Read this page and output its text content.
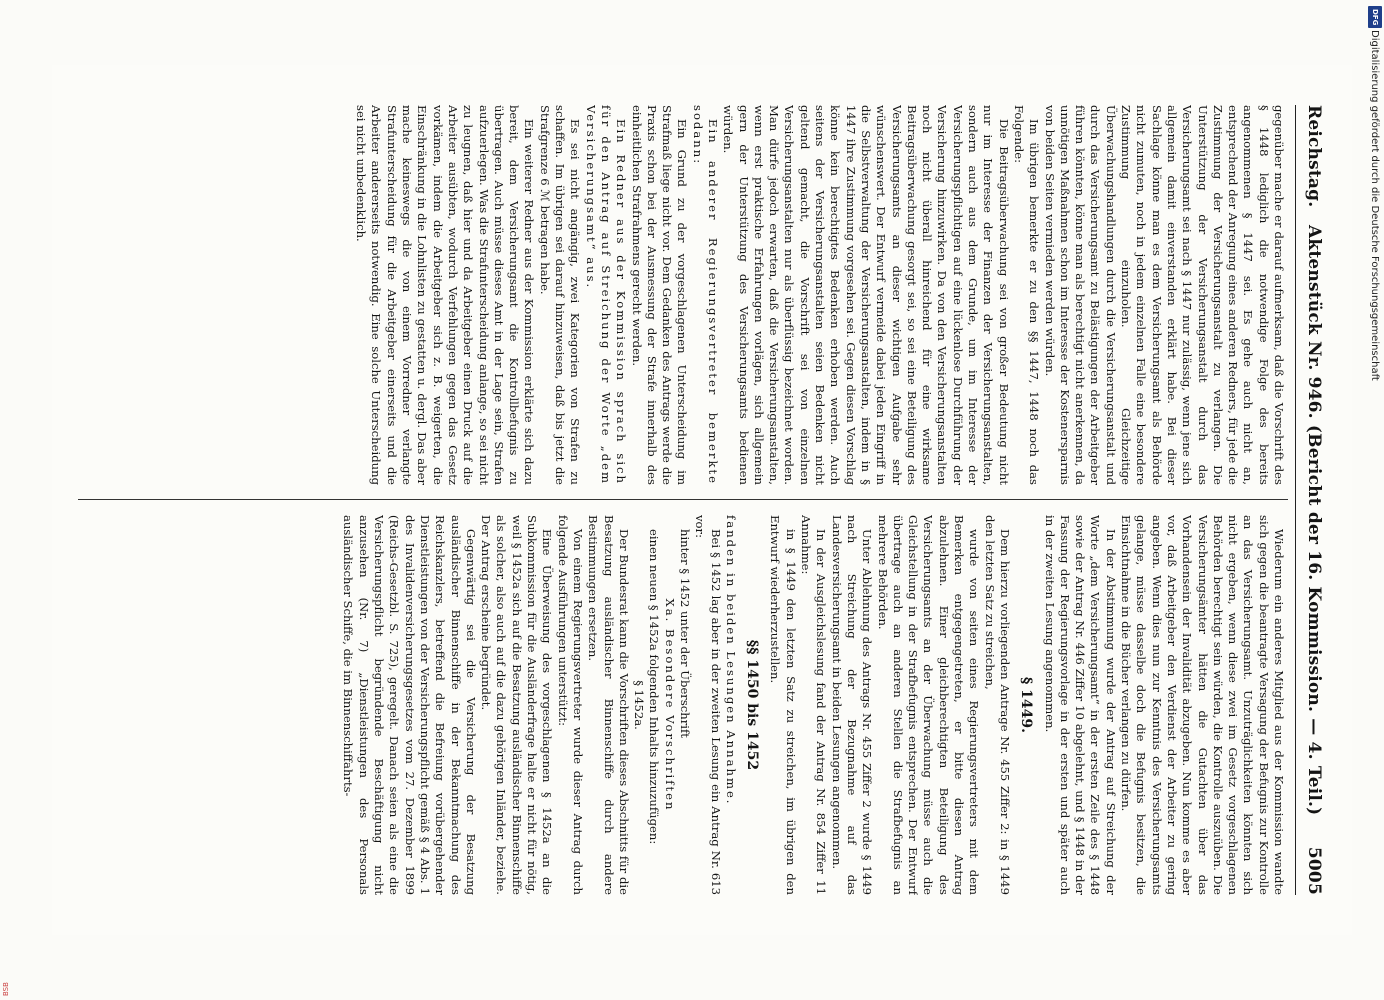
Reichstag.
Aktenstück Nr. 946. (Bericht der 16. Kommission. — 4. Teil.)
5005

gegenüber mache er darauf aufmerksam, daß die Vorschrift des § 1448 lediglich die notwendige Folge des bereits angenommenen § 1447 sei. Es gehe auch nicht an, entsprechend der Anregung eines anderen Redners, für jede die Zustimmung der Versicherungsanstalt zu verlangen. Die Unterstützung der Versicherungsanstalt durch das Versicherungsamt sei nach § 1447 nur zulässig, wenn jene sich allgemein damit einverstanden erklärt habe. Bei dieser Sachlage könne man es dem Versicherungsamt als Behörde nicht zumuten, noch in jedem einzelnen Falle eine besondere Zustimmung einzuholen. Gleichzeitige Überwachungshandlungen durch die Versicherungsanstalt und durch das Versicherungsamt zu Belästigungen der Arbeitgeber führen könnten, könne man als berechtigt nicht anerkennen, da unnötigen Maßnahmen schon im Interesse der Kostenersparnis von beiden Seiten vermieden werden würden.

Im übrigen bemerkte er zu den §§ 1447, 1448 noch das Folgende:

Die Beitragsüberwachung sei von großer Bedeutung nicht nur im Interesse der Finanzen der Versicherungsanstalten, sondern auch aus dem Grunde, um im Interesse der Versicherungspflichtigen auf eine lückenlose Durchführung der Versicherung hinzuwirken. Da von den Versicherungsanstalten noch nicht überall hinreichend für eine wirksame Beitragsüberwachung gesorgt sei, so sei eine Beteiligung des Versicherungsamts an dieser wichtigen Aufgabe sehr wünschenswert. Der Entwurf vermeide dabei jeden Eingriff in die Selbstverwaltung der Versicherungsanstalten, indem in § 1447 ihre Zustimmung vorgesehen sei. Gegen diesen Vorschlag könne kein berechtigtes Bedenken erhoben werden. Auch seitens der Versicherungsanstalten seien Bedenken nicht geltend gemacht, die Vorschrift sei von einzelnen Versicherungsanstalten nur als überflüssig bezeichnet worden. Man dürfe jedoch erwarten, daß die Versicherungsanstalten, wenn erst praktische Erfahrungen vorlägen, sich allgemein gern der Unterstützung des Versicherungsamts bedienen würden.

Ein anderer Regierungsvertreter bemerkte sodann:

Ein Grund zu der vorgeschlagenen Unterscheidung im Strafmaß liege nicht vor. Dem Gedanken des Antrags werde die Praxis schon bei der Ausmessung der Strafe innerhalb des einheitlichen Strafrahmens gerecht werden.

Ein Redner aus der Kommission sprach sich für den Antrag auf Streichung der Worte „dem Versicherungsamt“ aus.

Es sei nicht angängig, zwei Kategorien von Strafen zu schaffen. Im übrigen sei darauf hinzuweisen, daß bis jetzt die Strafgrenze 6 ℳ betragen habe.

Ein weiterer Redner aus der Kommission erklärte sich dazu bereit, dem Versicherungsamt die Kontrollbefugnis zu übertragen. Auch müsse dieses Amt in der Lage sein, Strafen aufzuerlegen. Was die Strafunterscheidung anlange, so sei nicht zu leugnen, daß hier und da Arbeitgeber einen Druck auf die Arbeiter ausübten, wodurch Verfehlungen gegen das Gesetz vorkämen, indem die Arbeitgeber sich z. B. weigerten, die Einschränkung in die Lohnlisten zu gestatten u. dergl. Das aber mache keineswegs die von einem Vorredner verlangte Strafunterscheidung für die Arbeitgeber einerseits und die Arbeiter andererseits notwendig. Eine solche Unterscheidung sei nicht unbedenklich.

Wiederum ein anderes Mitglied aus der Kommission wandte sich gegen die beantragte Versagung der Befugnis zur Kontrolle an das Versicherungsamt. Unzuträglichkeiten könnten sich nicht ergeben, wenn diese zwei im Gesetz vorgeschlagenen Behörden berechtigt sein würden, die Kontrolle auszuüben. Die Versicherungsämter hätten die Gutachten über das Vorhandensein der Invalidität abzugeben. Nun komme es aber vor, daß Arbeitgeber den Verdienst der Arbeiter zu gering angeben. Wenn dies nun zur Kenntnis des Versicherungsamts gelange, müsse dasselbe doch die Befugnis besitzen, die Einsichtnahme in die Bücher verlangen zu dürfen.

In der Abstimmung wurde der Antrag auf Streichung der Worte „dem Versicherungsamt“ in der ersten Zeile des § 1448 sowie der Antrag Nr. 446 Ziffer 10 abgelehnt, und § 1448 in der Fassung der Regierungsvorlage in der ersten und später auch in der zweiten Lesung angenommen.

§ 1449.

Dem hierzu vorliegenden Antrage Nr. 455 Ziffer 2: in § 1449 den letzten Satz zu streichen,

wurde von seiten eines Regierungsvertreters mit dem Bemerken entgegengetreten, er bitte diesen Antrag abzulehnen. Einer gleichberechtigten Beteiligung des Versicherungsamts an der Überwachung müsse auch die Gleichstellung in der Strafbefugnis entsprechen. Der Entwurf übertrage auch an anderen Stellen die Strafbefugnis an mehrere Behörden.

Unter Ablehnung des Antrags Nr. 455 Ziffer 2 wurde § 1449 nach Streichung der Bezugnahme auf das Landesversicherungsamt in beiden Lesungen angenommen.

In der Ausgleichslesung fand der Antrag Nr. 854 Ziffer 11 Annahme:

in § 1449 den letzten Satz zu streichen, im übrigen den Entwurf wiederherzustellen.

§§ 1450 bis 1452

fanden in beiden Lesungen Annahme.

Bei § 1452 lag aber in der zweiten Lesung ein Antrag Nr. 613 vor:

hinter § 1452 unter der Überschrift

Xa. Besondere Vorschriften

einen neuen § 1452a folgenden Inhalts hinzuzufügen:

§ 1452a.

Der Bundesrat kann die Vorschriften dieses Abschnitts für die Besatzung ausländischer Binnenschiffe durch andere Bestimmungen ersetzen.

Von einem Regierungsvertreter wurde dieser Antrag durch folgende Ausführungen unterstützt:

Eine Überweisung des vorgeschlagenen § 1452a an die Subkommission für die Ausländerfrage halte er nicht für nötig, weil § 1452a sich auf die Besatzung ausländischer Binnenschiffe als solcher, also auch auf die dazu gehörigen Inländer, beziehe. Der Antrag erscheine begründet.

Gegenwärtig sei die Versicherung der Besatzung ausländischer Binnenschiffe in der Bekanntmachung des Reichskanzlers, betreffend die Befreiung vorübergehender Dienstleistungen von der Versicherungspflicht gemäß § 4 Abs. 1 des Invalidenversicherungsgesetzes vom 27. Dezember 1899 (Reichs-Gesetzbl. S. 725), geregelt. Danach seien als eine die Versicherungspflicht begründende Beschäftigung nicht anzusehen (Nr. 7) „Dienstleistungen des Personals ausländischer Schiffe, die im Binnenschiffahrts-

DFG
Digitalisierung gefördert durch die Deutsche Forschungsgemeinschaft
BSB
